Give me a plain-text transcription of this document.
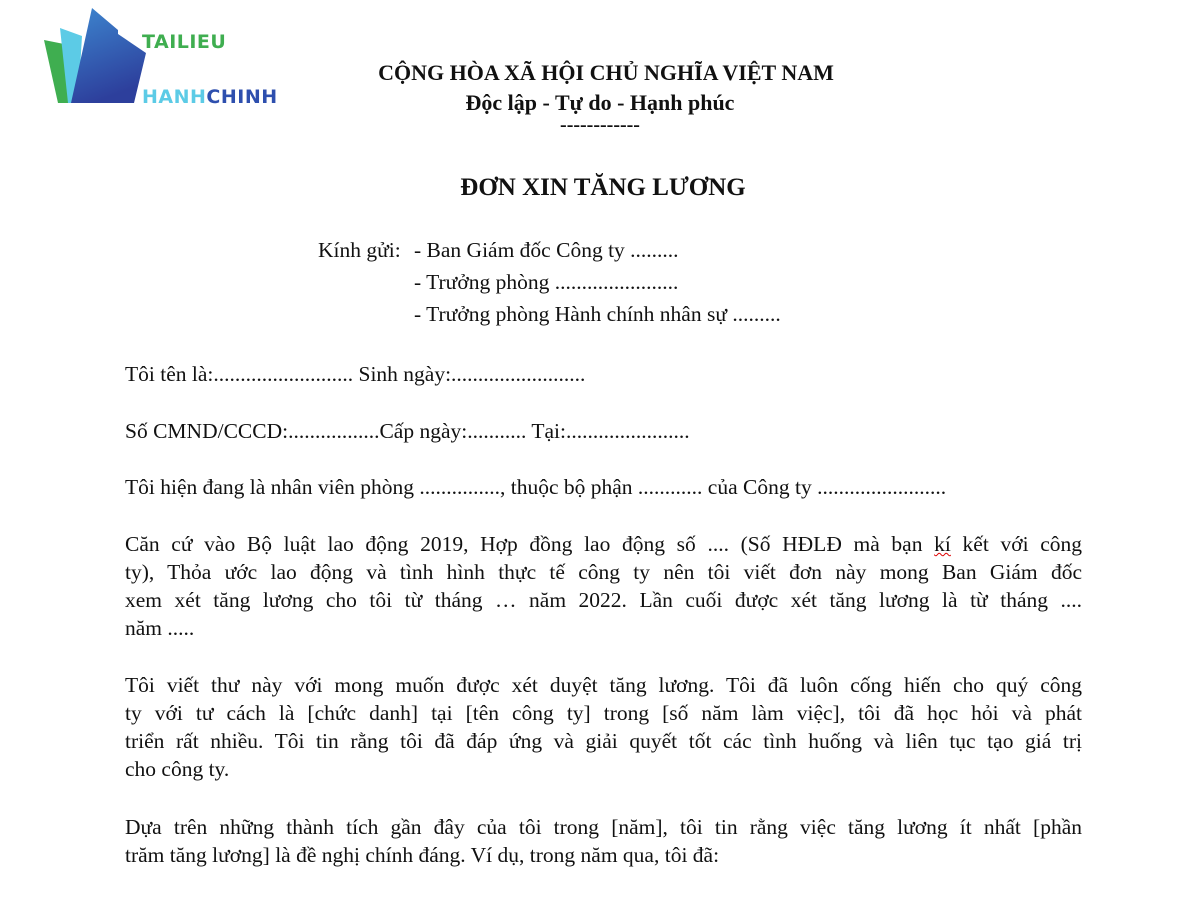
TAILIEU
HANHCHINH
CỘNG HÒA XÃ HỘI CHỦ NGHĨA VIỆT NAM
Độc lập - Tự do - Hạnh phúc
------------
ĐƠN XIN TĂNG LƯƠNG
Kính gửi: - Ban Giám đốc Công ty .........
- Trưởng phòng .......................
- Trưởng phòng Hành chính nhân sự .........
Tôi tên là:.......................... Sinh ngày:.........................
Số CMND/CCCD:.................Cấp ngày:........... Tại:.......................
Tôi hiện đang là nhân viên phòng ..............., thuộc bộ phận ............ của Công ty ........................
Căn cứ vào Bộ luật lao động 2019, Hợp đồng lao động số .... (Số HĐLĐ mà bạn kí kết với công
ty), Thỏa ước lao động và tình hình thực tế công ty nên tôi viết đơn này mong Ban Giám đốc
xem xét tăng lương cho tôi từ tháng … năm 2022. Lần cuối được xét tăng lương là từ tháng ....
năm .....
Tôi viết thư này với mong muốn được xét duyệt tăng lương. Tôi đã luôn cống hiến cho quý công
ty với tư cách là [chức danh] tại [tên công ty] trong [số năm làm việc], tôi đã học hỏi và phát
triển rất nhiều. Tôi tin rằng tôi đã đáp ứng và giải quyết tốt các tình huống và liên tục tạo giá trị
cho công ty.
Dựa trên những thành tích gần đây của tôi trong [năm], tôi tin rằng việc tăng lương ít nhất [phần
trăm tăng lương] là đề nghị chính đáng. Ví dụ, trong năm qua, tôi đã:
